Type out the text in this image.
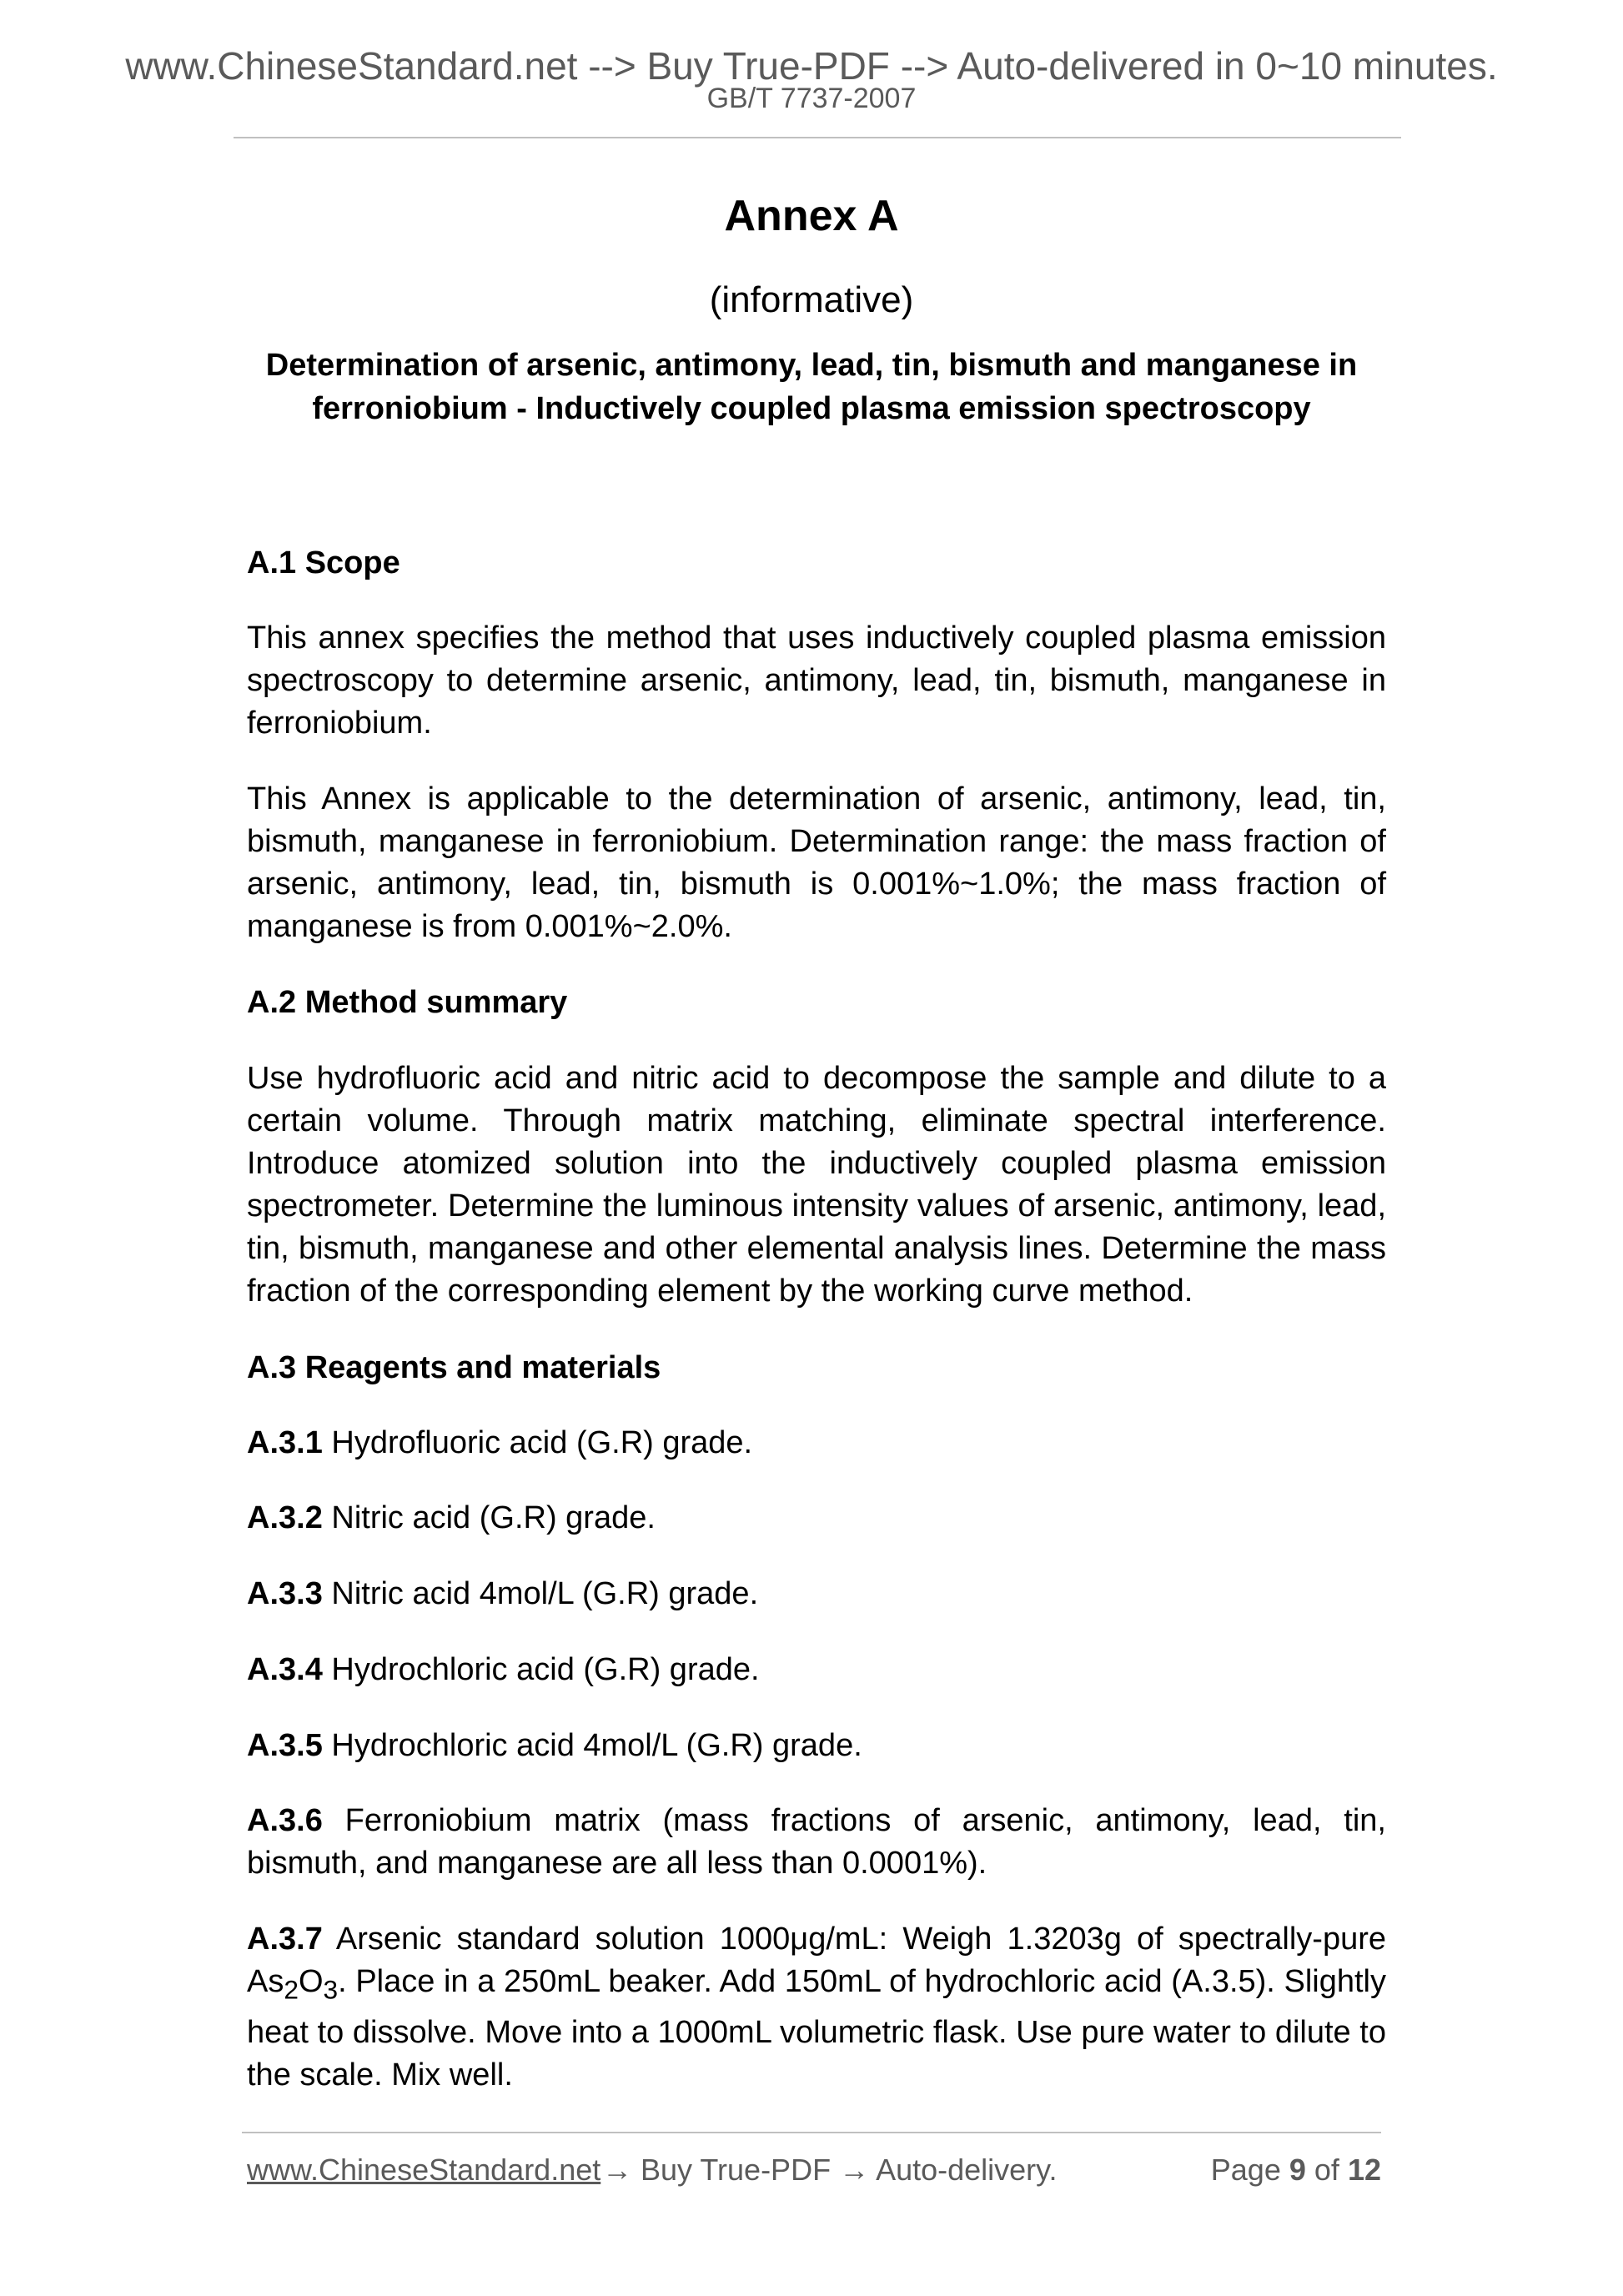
www.ChineseStandard.net --> Buy True-PDF --> Auto-delivered in 0~10 minutes.
GB/T 7737-2007
Annex A
(informative)
Determination of arsenic, antimony, lead, tin, bismuth and manganese in ferroniobium - Inductively coupled plasma emission spectroscopy
A.1 Scope
This annex specifies the method that uses inductively coupled plasma emission spectroscopy to determine arsenic, antimony, lead, tin, bismuth, manganese in ferroniobium.
This Annex is applicable to the determination of arsenic, antimony, lead, tin, bismuth, manganese in ferroniobium. Determination range: the mass fraction of arsenic, antimony, lead, tin, bismuth is 0.001%~1.0%; the mass fraction of manganese is from 0.001%~2.0%.
A.2 Method summary
Use hydrofluoric acid and nitric acid to decompose the sample and dilute to a certain volume. Through matrix matching, eliminate spectral interference. Introduce atomized solution into the inductively coupled plasma emission spectrometer. Determine the luminous intensity values of arsenic, antimony, lead, tin, bismuth, manganese and other elemental analysis lines. Determine the mass fraction of the corresponding element by the working curve method.
A.3 Reagents and materials
A.3.1 Hydrofluoric acid (G.R) grade.
A.3.2 Nitric acid (G.R) grade.
A.3.3 Nitric acid 4mol/L (G.R) grade.
A.3.4 Hydrochloric acid (G.R) grade.
A.3.5 Hydrochloric acid 4mol/L (G.R) grade.
A.3.6 Ferroniobium matrix (mass fractions of arsenic, antimony, lead, tin, bismuth, and manganese are all less than 0.0001%).
A.3.7 Arsenic standard solution 1000μg/mL: Weigh 1.3203g of spectrally-pure $As_2O_3$. Place in a 250mL beaker. Add 150mL of hydrochloric acid (A.3.5). Slightly heat to dissolve. Move into a 1000mL volumetric flask. Use pure water to dilute to the scale. Mix well.
www.ChineseStandard.net → Buy True-PDF → Auto-delivery.	Page 9 of 12
